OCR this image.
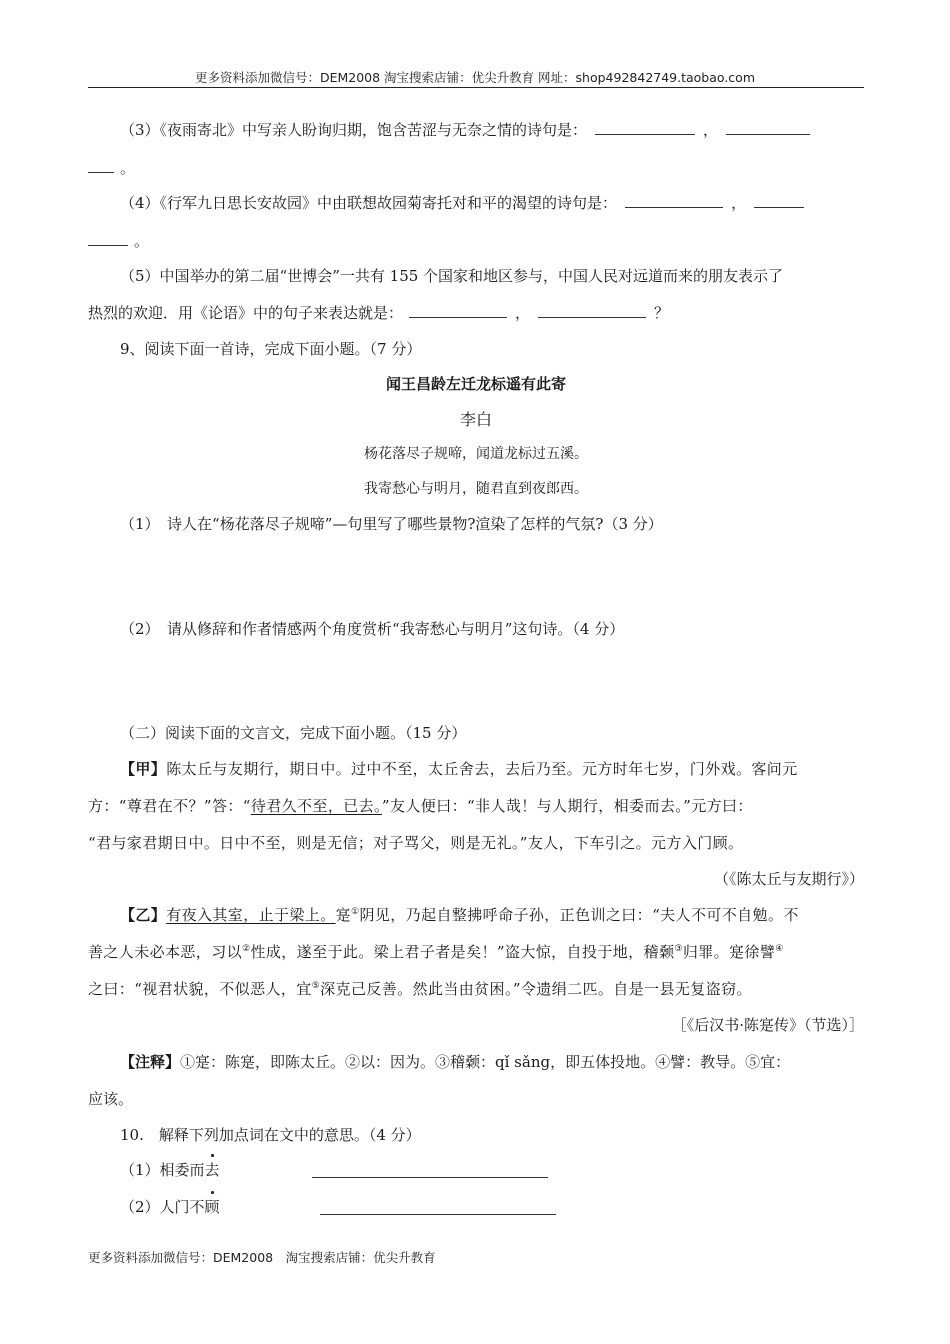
更多资料添加微信号：DEM2008 淘宝搜索店铺：优尖升教育 网址：shop492842749.taobao.com
（3）《夜雨寄北》中写亲人盼询归期，饱含苦涩与无奈之情的诗句是：	，
。
（4）《行军九日思长安故园》中由联想故园菊寄托对和平的渴望的诗句是：	，
。
（5）中国举办的第二届“世博会”一共有 155 个国家和地区参与，中国人民对远道而来的朋友表示了
热烈的欢迎．用《论语》中的句子来表达就是：	，	？
9、阅读下面一首诗，完成下面小题。（7 分）
闻王昌龄左迁龙标遥有此寄
李白
杨花落尽子规啼，闻道龙标过五溪。
我寄愁心与明月，随君直到夜郎西。
（1）　诗人在“杨花落尽子规啼”—句里写了哪些景物?渲染了怎样的气氛?（3 分）
（2）　请从修辞和作者情感两个角度赏析“我寄愁心与明月”这句诗。（4 分）
（二）阅读下面的文言文，完成下面小题。（15 分）
【甲】陈太丘与友期行，期日中。过中不至，太丘舍去，去后乃至。元方时年七岁，门外戏。客问元
方：“尊君在不？”答：“待君久不至，已去。”友人便曰：“非人哉！与人期行，相委而去。”元方曰：
“君与家君期日中。日中不至，则是无信；对子骂父，则是无礼。”友人，下车引之。元方入门顾。
（《陈太丘与友期行》）
【乙】有夜入其室，止于梁上。寔①阴见，乃起自整拂呼命子孙，正色训之曰：“夫人不可不自勉。不
善之人未必本恶，习以②性成，遂至于此。梁上君子者是矣！”盗大惊，自投于地，稽颡③归罪。寔徐譬④
之曰：“视君状貌，不似恶人，宜⑤深克己反善。然此当由贫困。”令遗绢二匹。自是一县无复盗窃。
［《后汉书·陈寔传》（节选）］
【注释】①寔：陈寔，即陈太丘。②以：因为。③稽颡：qǐ sǎng，即五体投地。④譬：教导。⑤宜：
应该。
10.　解释下列加点词在文中的意思。（4 分）
（1）相委而去
（2）人门不顾
更多资料添加微信号：DEM2008　淘宝搜索店铺：优尖升教育
